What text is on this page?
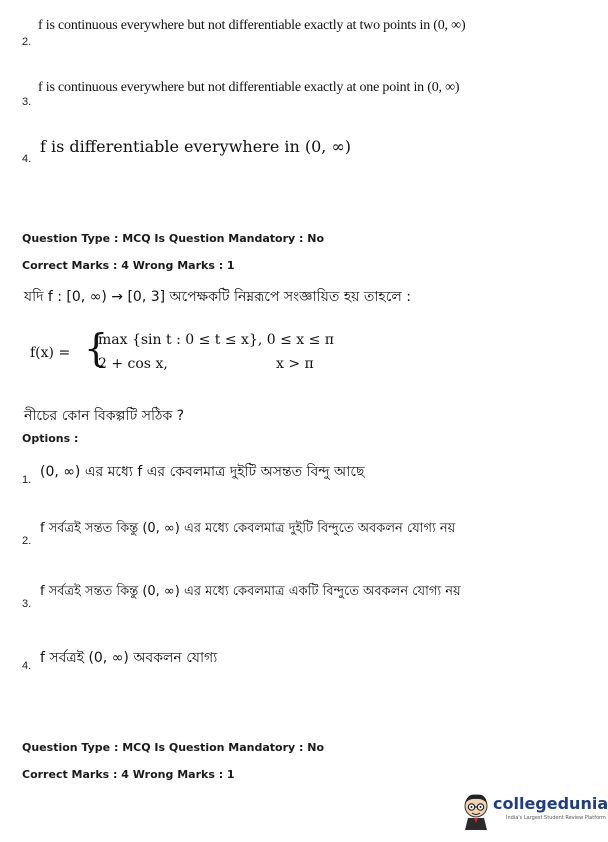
f is continuous everywhere but not differentiable exactly at two points in (0, ∞)
2.
f is continuous everywhere but not differentiable exactly at one point in (0, ∞)
3.
f is differentiable everywhere in (0, ∞)
4.
Question Type : MCQ Is Question Mandatory : No
Correct Marks : 4 Wrong Marks : 1
যদি f : [0, ∞) → [0, 3] অপেক্ষকটি নিম্নরূপে সংজ্ঞায়িত হয় তাহলে :
f(x) = {
max {sin t : 0 ≤ t ≤ x}, 0 ≤ x ≤ π
2 + cos x,	x > π
নীচের কোন বিকল্পটি সঠিক ?
Options :
(0, ∞) এর মধ্যে f এর কেবলমাত্র দুইটি অসন্তত বিন্দু আছে
1.
f সর্বত্রই সন্তত কিন্তু (0, ∞) এর মধ্যে কেবলমাত্র দুইটি বিন্দুতে অবকলন যোগ্য নয়
2.
f সর্বত্রই সন্তত কিন্তু (0, ∞) এর মধ্যে কেবলমাত্র একটি বিন্দুতে অবকলন যোগ্য নয়
3.
f সর্বত্রই (0, ∞) অবকলন যোগ্য
4.
Question Type : MCQ Is Question Mandatory : No
Correct Marks : 4 Wrong Marks : 1
collegedunia
India's Largest Student Review Platform
